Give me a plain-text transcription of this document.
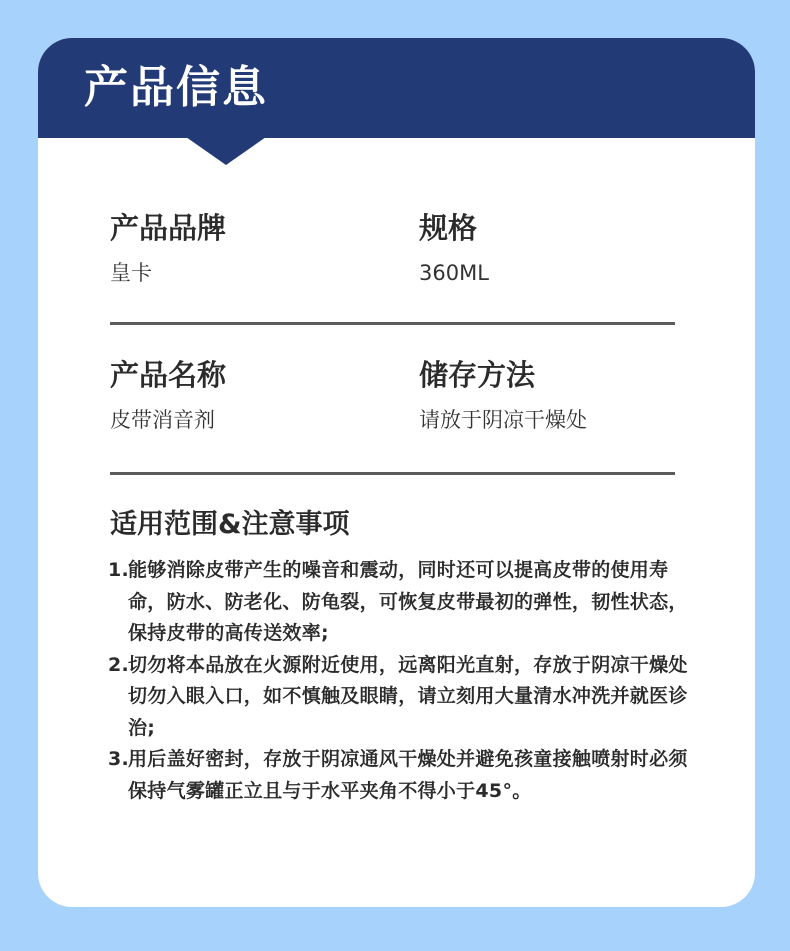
产品信息
产品品牌
皇卡
规格
360ML
产品名称
皮带消音剂
储存方法
请放于阴凉干燥处
适用范围&注意事项
1.
能够消除皮带产生的噪音和震动，同时还可以提高皮带的使用寿命，防水、防老化、防龟裂，可恢复皮带最初的弹性，韧性状态，保持皮带的高传送效率;
2.
切勿将本品放在火源附近使用，远离阳光直射，存放于阴凉干燥处切勿入眼入口，如不慎触及眼睛，请立刻用大量清水冲洗并就医诊治;
3.
用后盖好密封，存放于阴凉通风干燥处并避免孩童接触喷射时必须保持气雾罐正立且与于水平夹角不得小于45°。
